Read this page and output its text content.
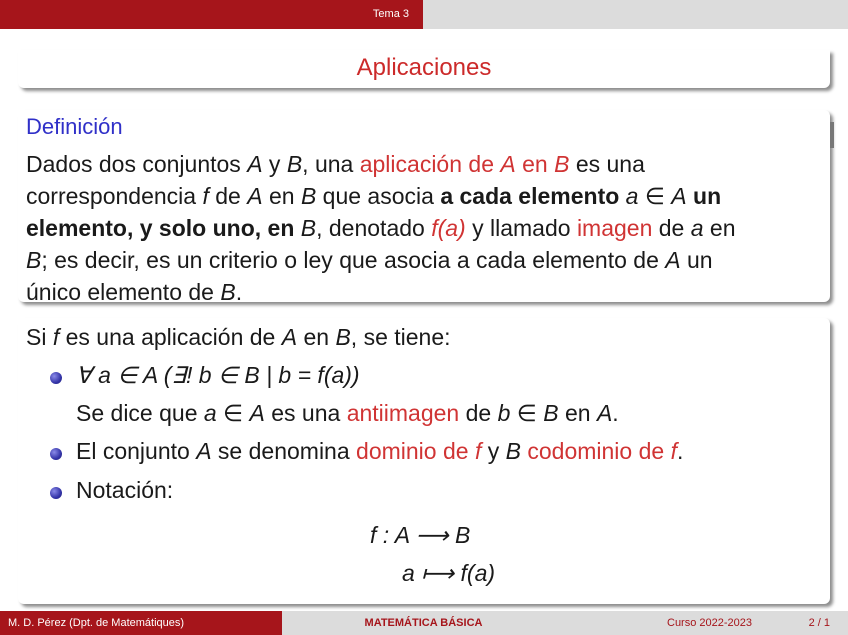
Tema 3
Aplicaciones
Definición
Dados dos conjuntos A y B, una aplicación de A en B es una
correspondencia f de A en B que asocia a cada elemento a ∈ A un
elemento, y solo uno, en B, denotado f(a) y llamado imagen de a en
B; es decir, es un criterio o ley que asocia a cada elemento de A un
único elemento de B.
Si f es una aplicación de A en B, se tiene:
∀ a ∈ A (∃! b ∈ B | b = f(a))
Se dice que a ∈ A es una antiimagen de b ∈ B en A.
El conjunto A se denomina dominio de f y B codominio de f.
Notación:
f : A ⟶ B
a ⟼ f(a)
M. D. Pérez (Dpt. de Matemátiques)	MATEMÁTICA BÁSICA	Curso 2022-2023	2 / 1
